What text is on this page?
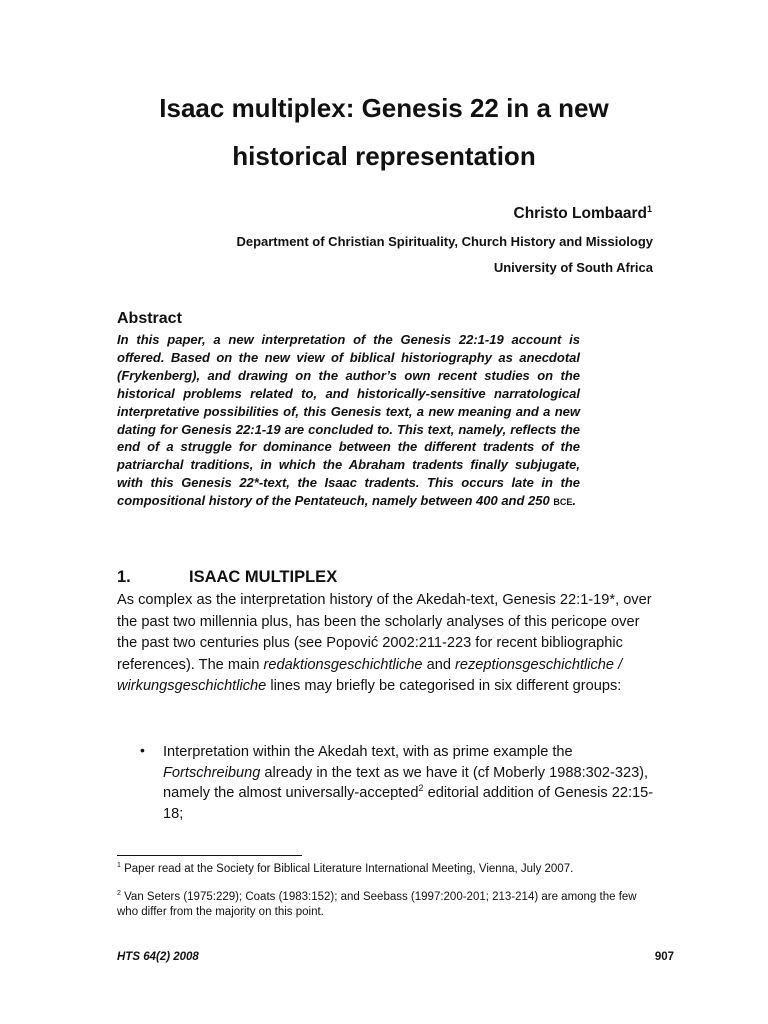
Isaac multiplex: Genesis 22 in a new
historical representation
Christo Lombaard$^1$
Department of Christian Spirituality, Church History and Missiology
University of South Africa
Abstract

In this paper, a new interpretation of the Genesis 22:1-19 account is offered. Based on the new view of biblical historiography as anecdotal (Frykenberg), and drawing on the author’s own recent studies on the historical problems related to, and historically-sensitive narratological interpretative possibilities of, this Genesis text, a new meaning and a new dating for Genesis 22:1-19 are concluded to. This text, namely, reflects the end of a struggle for dominance between the different tradents of the patriarchal traditions, in which the Abraham tradents finally subjugate, with this Genesis 22*-text, the Isaac tradents. This occurs late in the compositional history of the Pentateuch, namely between 400 and 250 bce.

1.	ISAAC MULTIPLEX

As complex as the interpretation history of the Akedah-text, Genesis 22:1-19*, over the past two millennia plus, has been the scholarly analyses of this pericope over the past two centuries plus (see Popović 2002:211-223 for recent bibliographic references). The main redaktionsgeschichtliche and rezeptionsgeschichtliche / wirkungsgeschichtliche lines may briefly be categorised in six different groups:

• Interpretation within the Akedah text, with as prime example the Fortschreibung already in the text as we have it (cf Moberly 1988:302-323), namely the almost universally-accepted$^2$ editorial addition of Genesis 22:15-18;

$^1$ Paper read at the Society for Biblical Literature International Meeting, Vienna, July 2007.

$^2$ Van Seters (1975:229); Coats (1983:152); and Seebass (1997:200-201; 213-214) are among the few who differ from the majority on this point.

HTS 64(2) 2008	907
